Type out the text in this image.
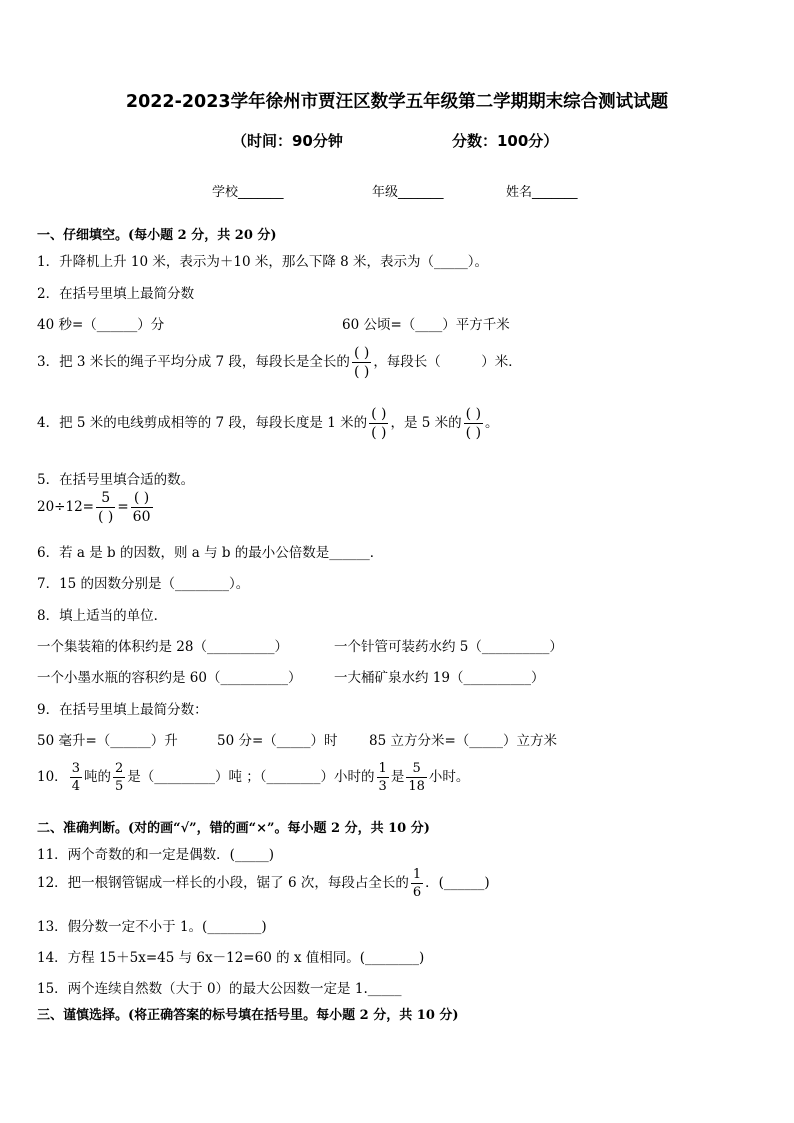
2022-2023学年徐州市贾汪区数学五年级第二学期期末综合测试试题
（时间：90分钟	分数：100分）
学校_______	年级_______	姓名_______
一、仔细填空。(每小题 2 分，共 20 分)
1．升降机上升 10 米，表示为＋10 米，那么下降 8 米，表示为（_____）。
2．在括号里填上最简分数
40 秒=（______）分	60 公顷=（____）平方千米
3．把 3 米长的绳子平均分成 7 段，每段长是全长的 $\frac{( )}{( )}$ ，每段长（　　　）米．
4．把 5 米的电线剪成相等的 7 段，每段长度是 1 米的 $\frac{( )}{( )}$ ，是 5 米的 $\frac{( )}{( )}$ 。
5．在括号里填合适的数。
$20\div 12= \frac{5}{( )} = \frac{( )}{60}$
6．若 a 是 b 的因数，则 a 与 b 的最小公倍数是______．
7．15 的因数分别是（________）。
8．填上适当的单位．
一个集装箱的体积约是 28（__________）	一个针管可装药水约 5（__________）
一个小墨水瓶的容积约是 60（__________） 一大桶矿泉水约 19（__________）
9．在括号里填上最简分数：
50 毫升=（______）升	50 分=（_____）时 85 立方分米=（_____）立方米
10． $\frac{3}{4}$ 吨的 $\frac{2}{5}$ 是（_________）吨 ；（________）小时的 $\frac{1}{3}$ 是 $\frac{5}{18}$ 小时。
二、准确判断。(对的画“√”，错的画“×”。每小题 2 分，共 10 分)
11．两个奇数的和一定是偶数．(_____)
12．把一根钢管锯成一样长的小段，锯了 6 次，每段占全长的 $\frac{1}{6}$ ．(______)
13．假分数一定不小于 1。(________)
14．方程 15＋5x=45 与 6x－12=60 的 x 值相同。(________)
15．两个连续自然数（大于 0）的最大公因数一定是 1._____
三、谨慎选择。(将正确答案的标号填在括号里。每小题 2 分，共 10 分)
